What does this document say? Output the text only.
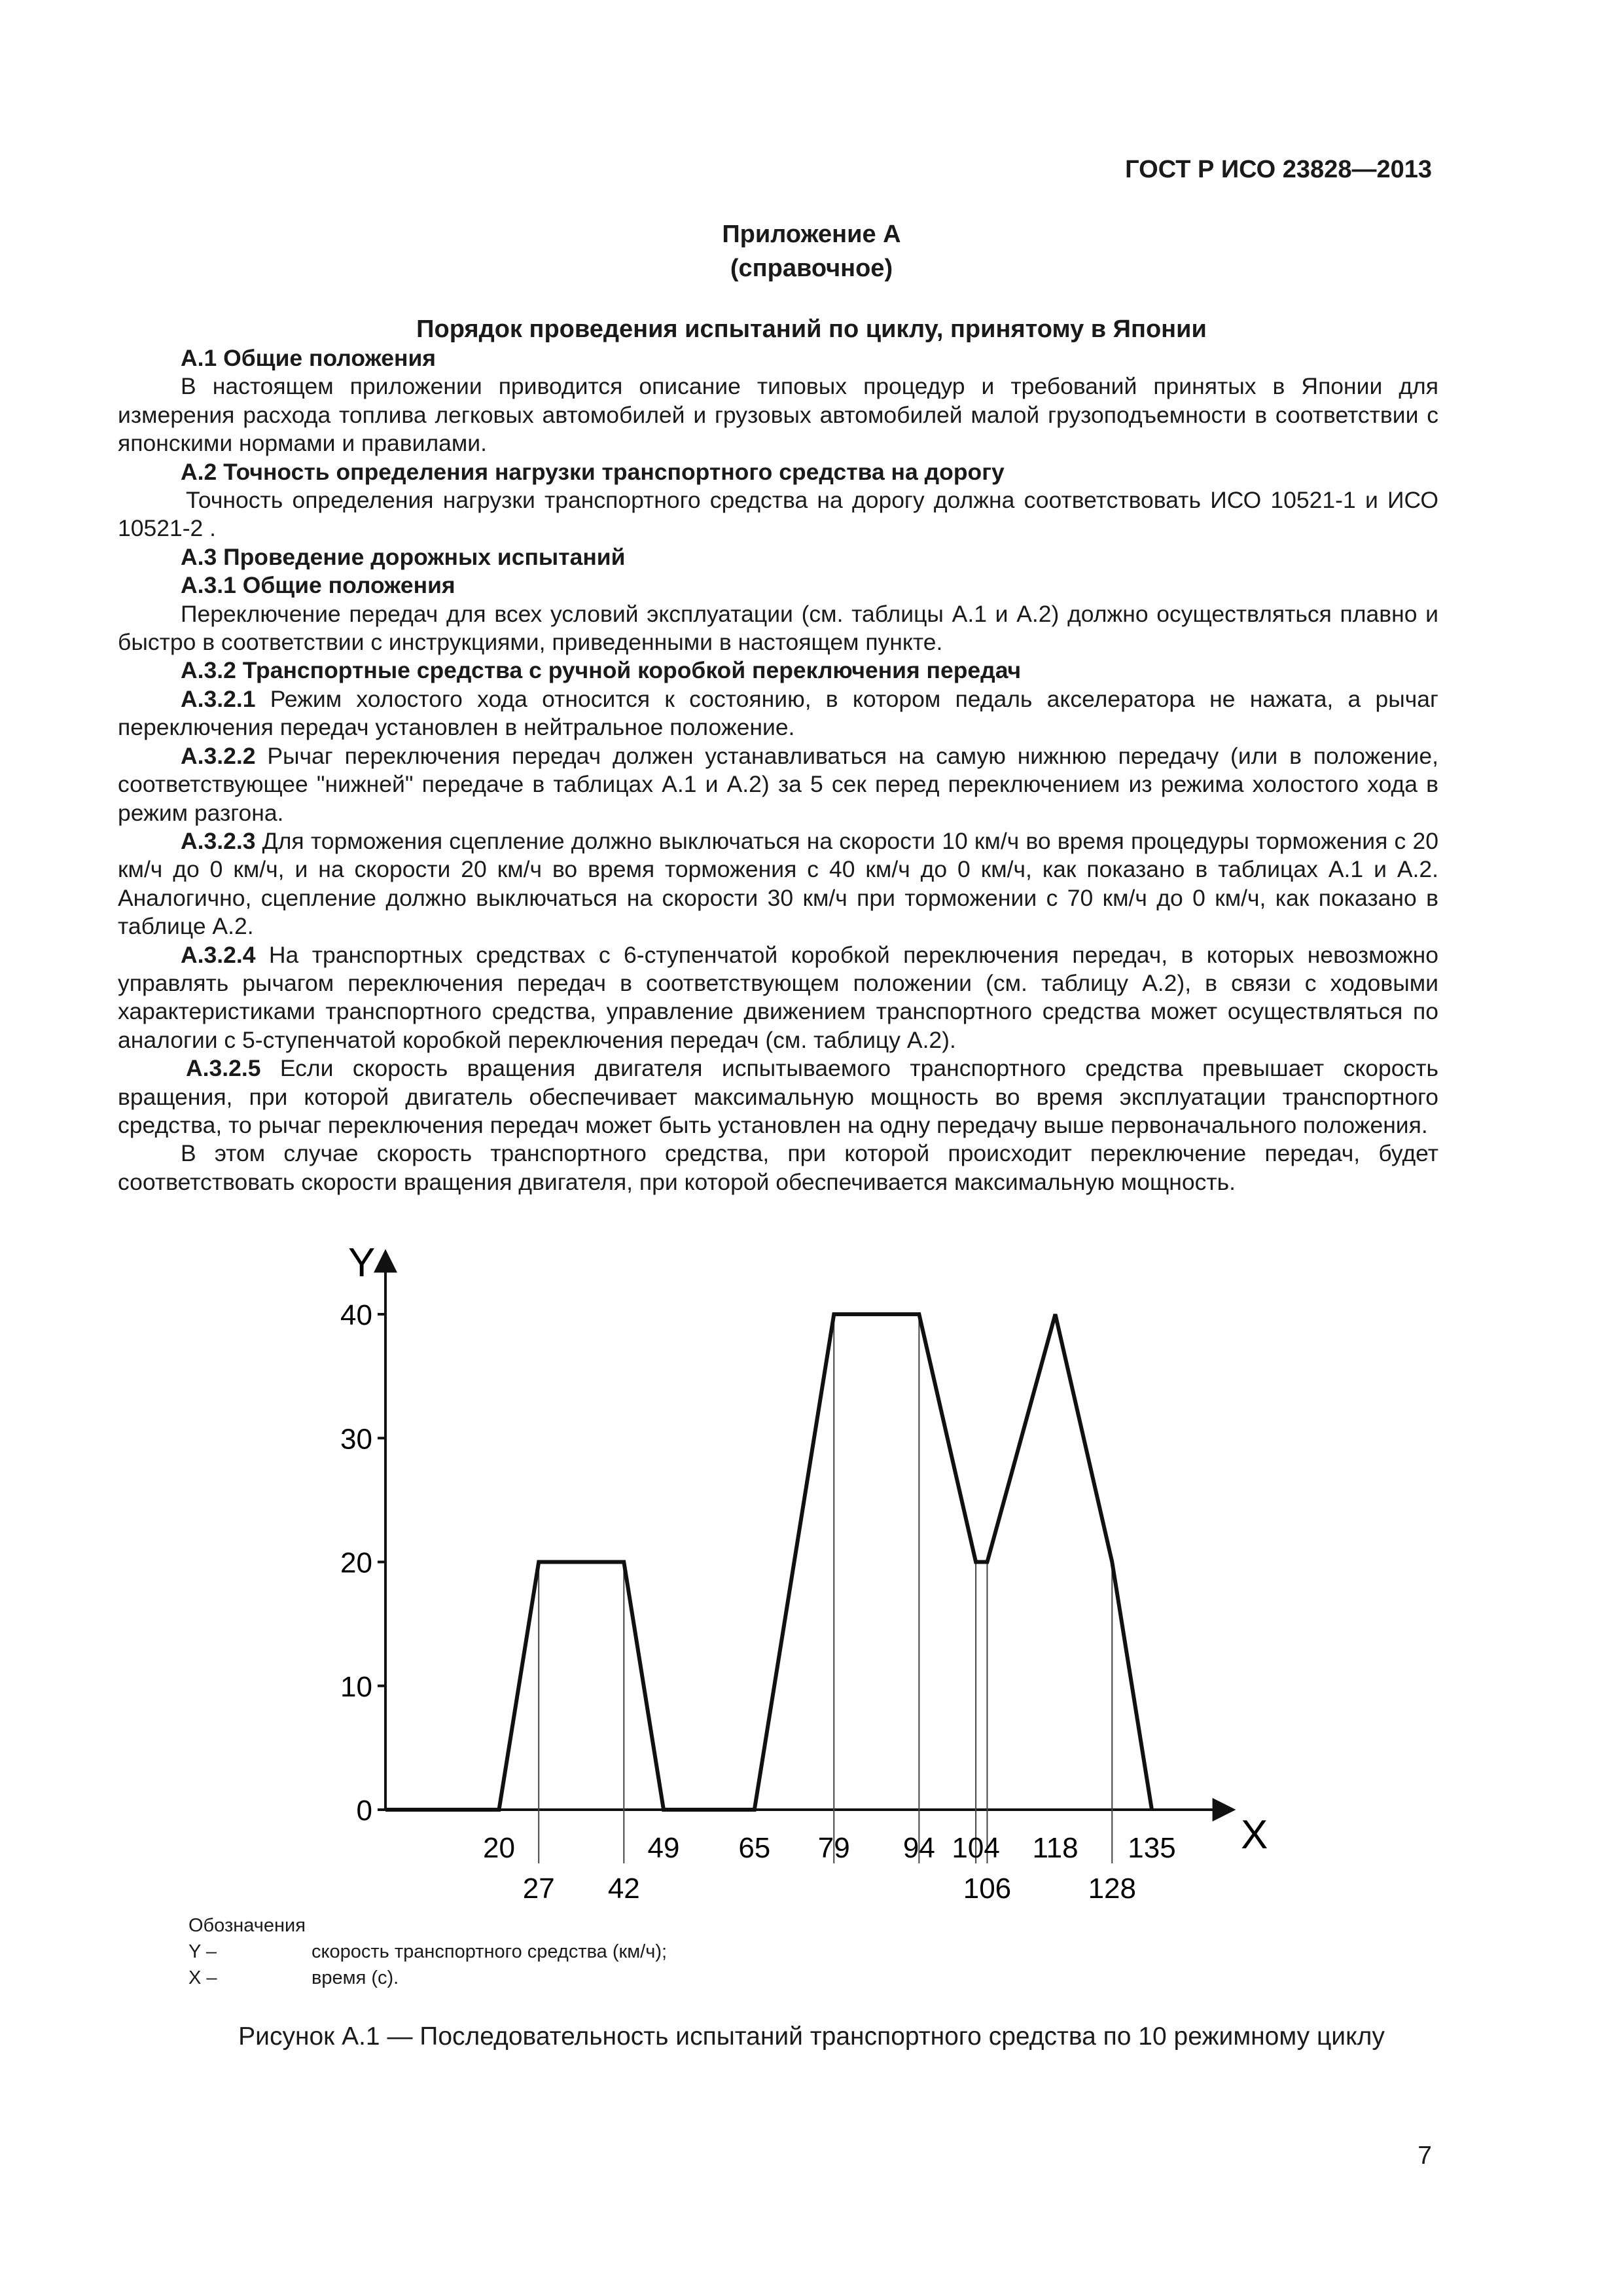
ГОСТ Р ИСО 23828—2013
Приложение А
(справочное)
Порядок проведения испытаний по циклу, принятому в Японии

А.1 Общие положения

В настоящем приложении приводится описание типовых процедур и требований принятых в Японии для измерения расхода топлива легковых автомобилей и грузовых автомобилей малой грузоподъемности в соответствии с японскими нормами и правилами.

А.2 Точность определения нагрузки транспортного средства на дорогу

Точность определения нагрузки транспортного средства на дорогу должна соответствовать ИСО 10521-1 и ИСО 10521-2 .

А.3 Проведение дорожных испытаний

А.3.1 Общие положения

Переключение передач для всех условий эксплуатации (см. таблицы А.1 и А.2) должно осуществляться плавно и быстро в соответствии с инструкциями, приведенными в настоящем пункте.

А.3.2 Транспортные средства с ручной коробкой переключения передач

А.3.2.1 Режим холостого хода относится к состоянию, в котором педаль акселератора не нажата, а рычаг переключения передач установлен в нейтральное положение.

А.3.2.2 Рычаг переключения передач должен устанавливаться на самую нижнюю передачу (или в положение, соответствующее "нижней" передаче в таблицах А.1 и А.2) за 5 сек перед переключением из режима холостого хода в режим разгона.

А.3.2.3 Для торможения сцепление должно выключаться на скорости 10 км/ч во время процедуры торможения с 20 км/ч до 0 км/ч, и на скорости 20 км/ч во время торможения с 40 км/ч до 0 км/ч, как показано в таблицах А.1 и А.2. Аналогично, сцепление должно выключаться на скорости 30 км/ч при торможении с 70 км/ч до 0 км/ч, как показано в таблице А.2.

А.3.2.4 На транспортных средствах с 6-ступенчатой коробкой переключения передач, в которых невозможно управлять рычагом переключения передач в соответствующем положении (см. таблицу А.2), в связи с ходовыми характеристиками транспортного средства, управление движением транспортного средства может осуществляться по аналогии с 5-ступенчатой коробкой переключения передач (см. таблицу А.2).

А.3.2.5 Если скорость вращения двигателя испытываемого транспортного средства превышает скорость вращения, при которой двигатель обеспечивает максимальную мощность во время эксплуатации транспортного средства, то рычаг переключения передач может быть установлен на одну передачу выше первоначального положения.

В этом случае скорость транспортного средства, при которой происходит переключение передач, будет соответствовать скорости вращения двигателя, при которой обеспечивается максимальную мощность.

Y
X
0
10
20
30
40
20	49 65 79 94 104 118 135
27 42	106	128
Обозначения
Y –	скорость транспортного средства (км/ч);
X –	время (с).
Рисунок А.1 — Последовательность испытаний транспортного средства по 10 режимному циклу
7
